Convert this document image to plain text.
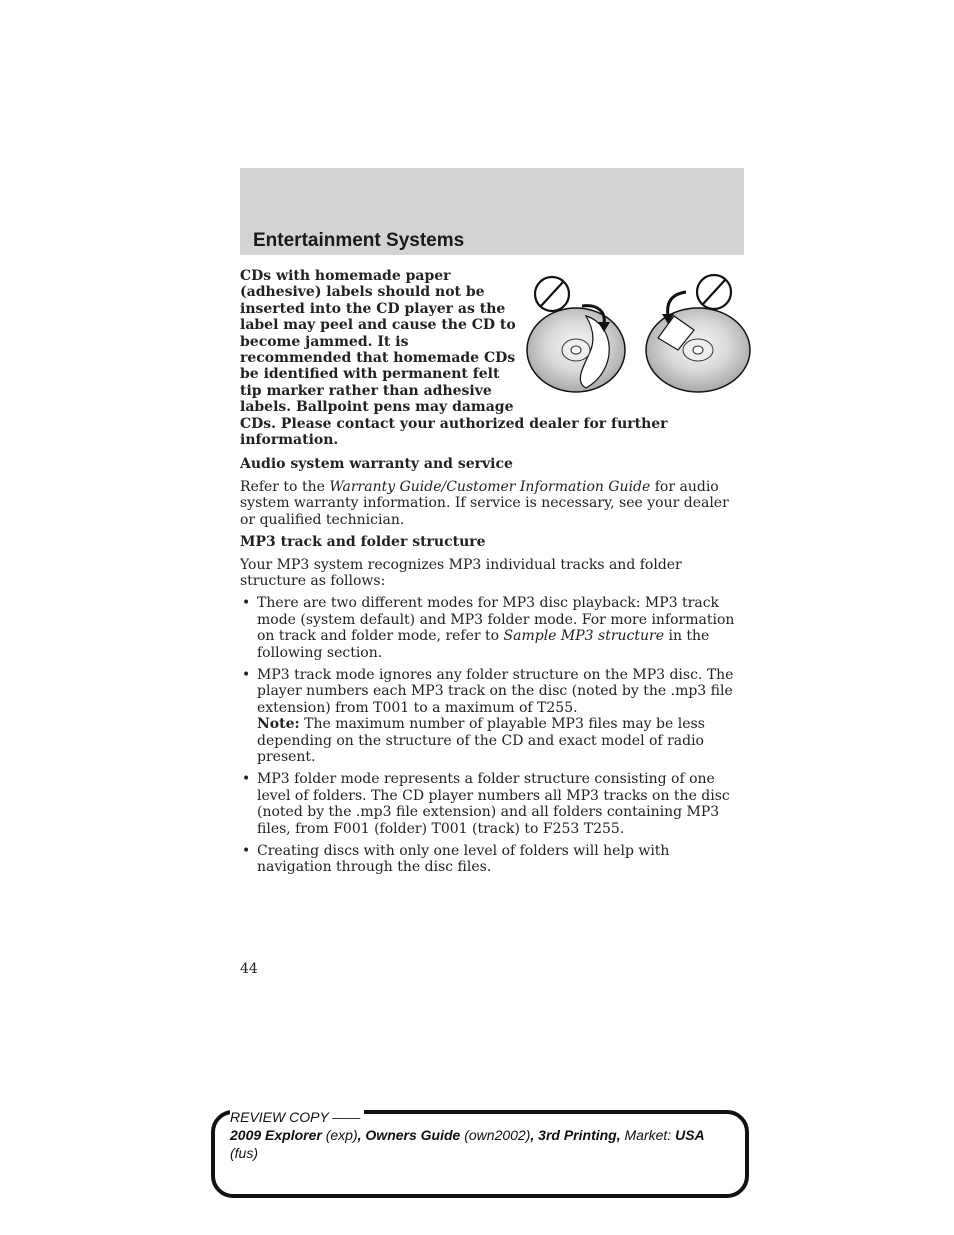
Entertainment Systems

CDs with homemade paper (adhesive) labels should not be inserted into the CD player as the label may peel and cause the CD to become jammed. It is recommended that homemade CDs be identified with permanent felt tip marker rather than adhesive labels. Ballpoint pens may damage CDs. Please contact your authorized dealer for further information.

Audio system warranty and service

Refer to the Warranty Guide/Customer Information Guide for audio system warranty information. If service is necessary, see your dealer or qualified technician.

MP3 track and folder structure

Your MP3 system recognizes MP3 individual tracks and folder structure as follows:

• There are two different modes for MP3 disc playback: MP3 track mode (system default) and MP3 folder mode. For more information on track and folder mode, refer to Sample MP3 structure in the following section.
• MP3 track mode ignores any folder structure on the MP3 disc. The player numbers each MP3 track on the disc (noted by the .mp3 file extension) from T001 to a maximum of T255.
Note: The maximum number of playable MP3 files may be less depending on the structure of the CD and exact model of radio present.
• MP3 folder mode represents a folder structure consisting of one level of folders. The CD player numbers all MP3 tracks on the disc (noted by the .mp3 file extension) and all folders containing MP3 files, from F001 (folder) T001 (track) to F253 T255.
• Creating discs with only one level of folders will help with navigation through the disc files.
44
REVIEW COPY ——
2009 Explorer (exp), Owners Guide (own2002), 3rd Printing, Market: USA
(fus)
